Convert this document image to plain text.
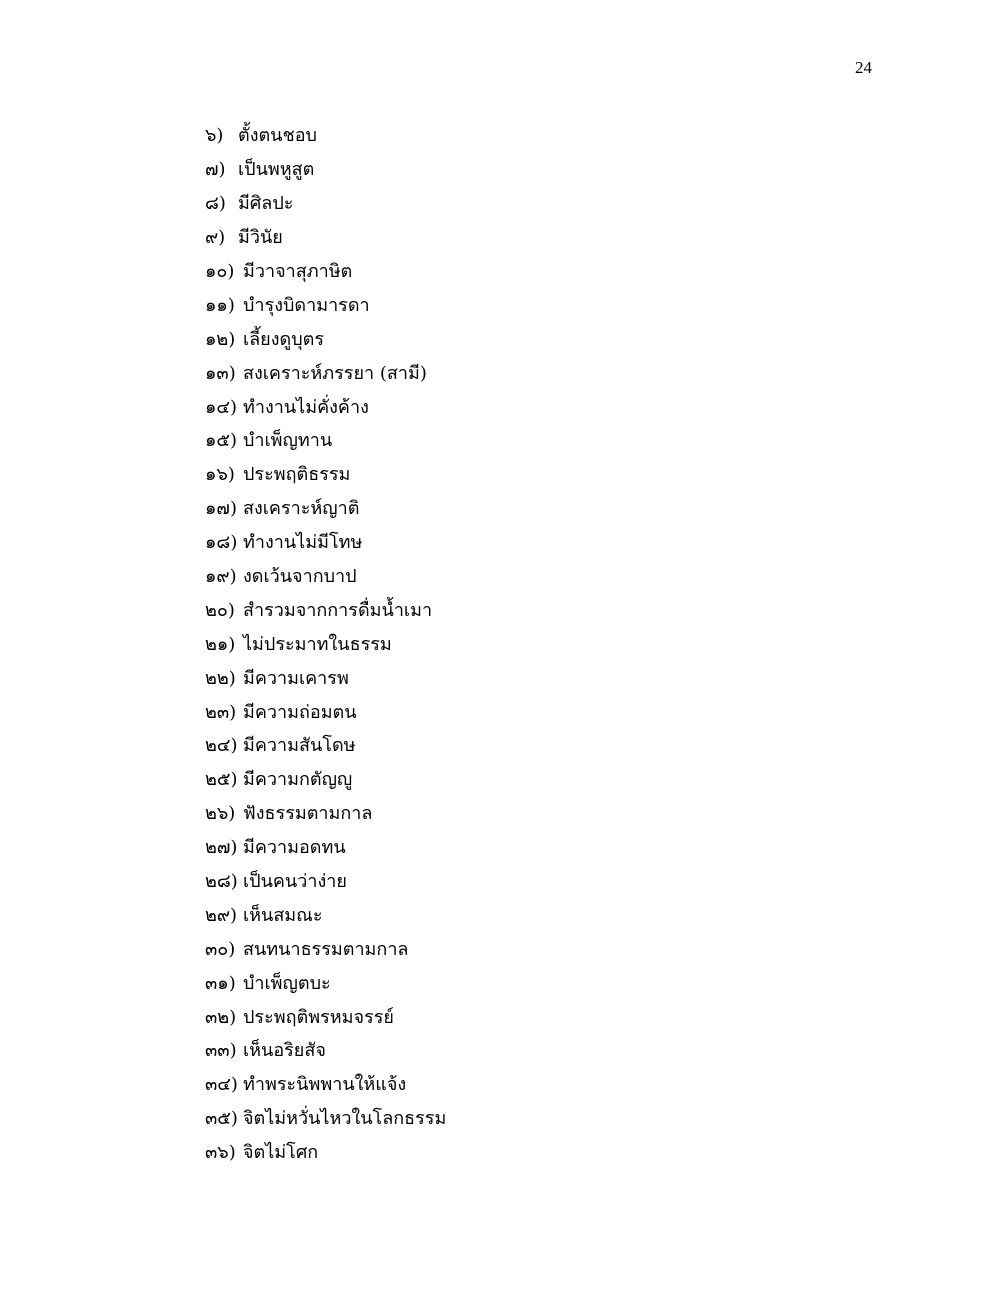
24
๖) ตั้งตนชอบ
๗) เป็นพหูสูต
๘) มีศิลปะ
๙) มีวินัย
๑๐) มีวาจาสุภาษิต
๑๑) บำรุงบิดามารดา
๑๒) เลี้ยงดูบุตร
๑๓) สงเคราะห์ภรรยา (สามี)
๑๔) ทำงานไม่คั่งค้าง
๑๕) บำเพ็ญทาน
๑๖) ประพฤติธรรม
๑๗) สงเคราะห์ญาติ
๑๘) ทำงานไม่มีโทษ
๑๙) งดเว้นจากบาป
๒๐) สำรวมจากการดื่มน้ำเมา
๒๑) ไม่ประมาทในธรรม
๒๒) มีความเคารพ
๒๓) มีความถ่อมตน
๒๔) มีความสันโดษ
๒๕) มีความกตัญญู
๒๖) ฟังธรรมตามกาล
๒๗) มีความอดทน
๒๘) เป็นคนว่าง่าย
๒๙) เห็นสมณะ
๓๐) สนทนาธรรมตามกาล
๓๑) บำเพ็ญตบะ
๓๒) ประพฤติพรหมจรรย์
๓๓) เห็นอริยสัจ
๓๔) ทำพระนิพพานให้แจ้ง
๓๕) จิตไม่หวั่นไหวในโลกธรรม
๓๖) จิตไม่โศก
